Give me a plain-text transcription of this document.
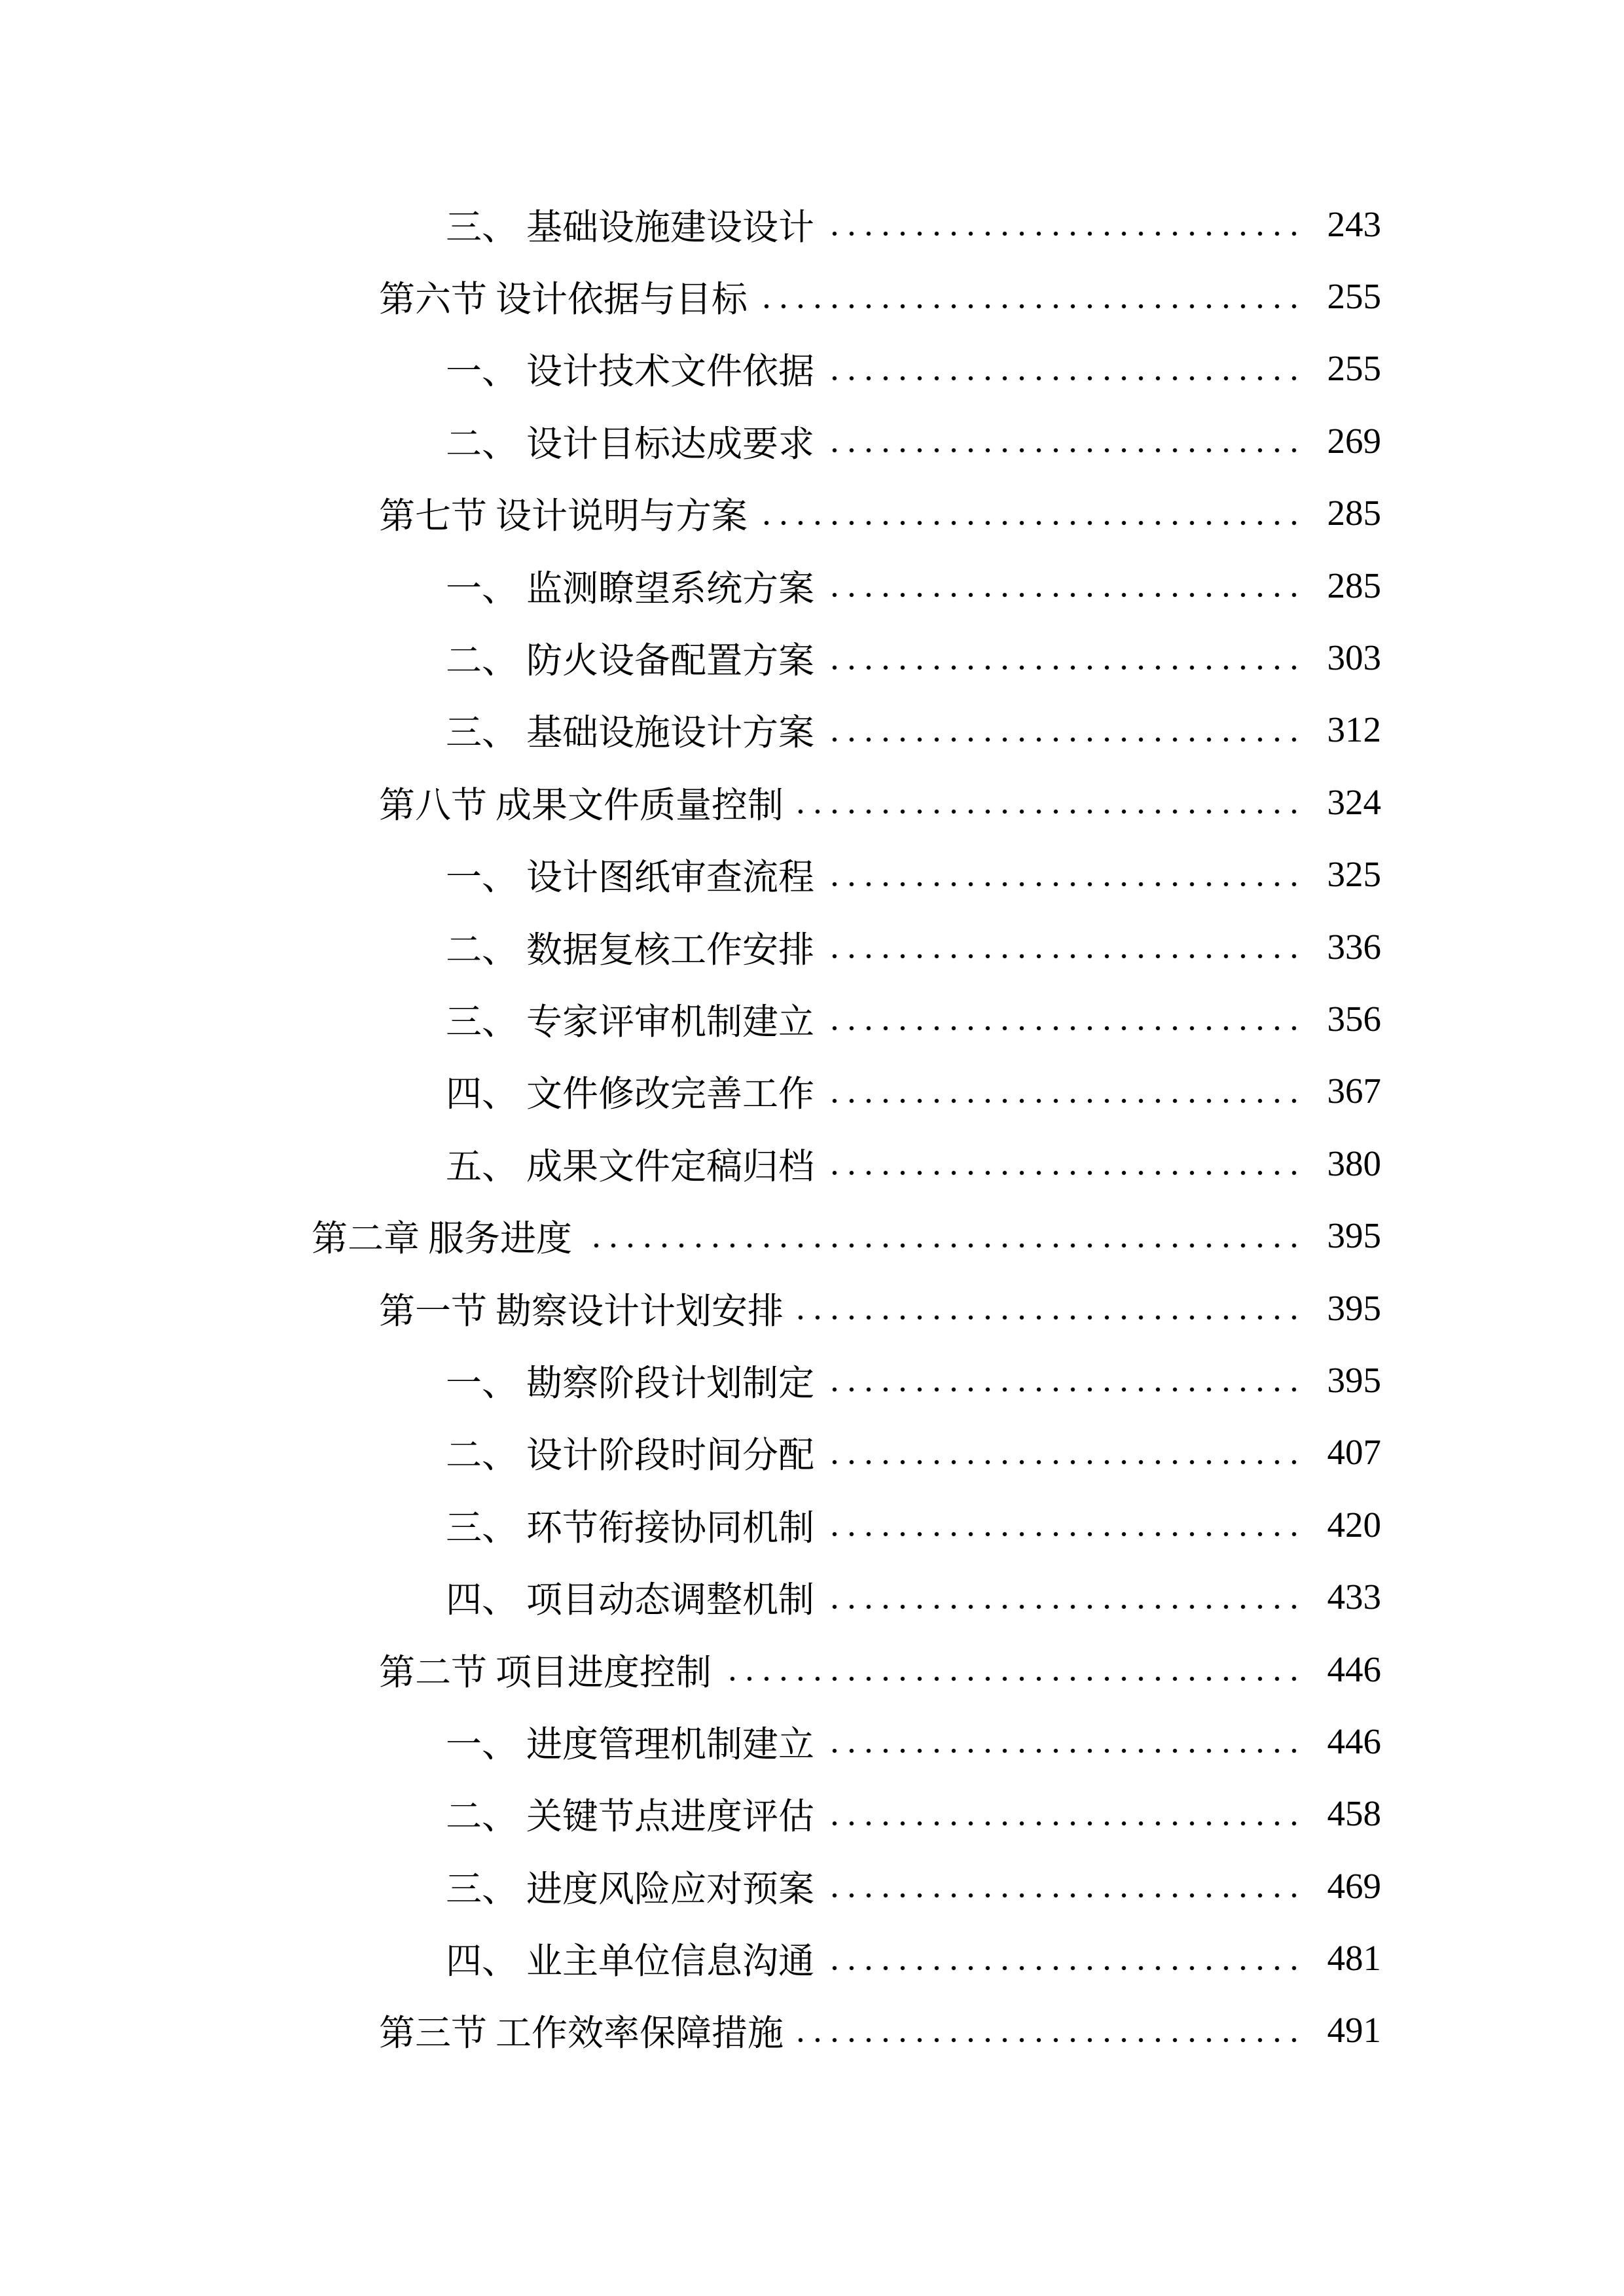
三、 基础设施建设设计	243
第六节 设计依据与目标	255
一、 设计技术文件依据	255
二、 设计目标达成要求	269
第七节 设计说明与方案	285
一、 监测瞭望系统方案	285
二、 防火设备配置方案	303
三、 基础设施设计方案	312
第八节 成果文件质量控制	324
一、 设计图纸审查流程	325
二、 数据复核工作安排	336
三、 专家评审机制建立	356
四、 文件修改完善工作	367
五、 成果文件定稿归档	380
第二章 服务进度	395
第一节 勘察设计计划安排	395
一、 勘察阶段计划制定	395
二、 设计阶段时间分配	407
三、 环节衔接协同机制	420
四、 项目动态调整机制	433
第二节 项目进度控制	446
一、 进度管理机制建立	446
二、 关键节点进度评估	458
三、 进度风险应对预案	469
四、 业主单位信息沟通	481
第三节 工作效率保障措施	491
